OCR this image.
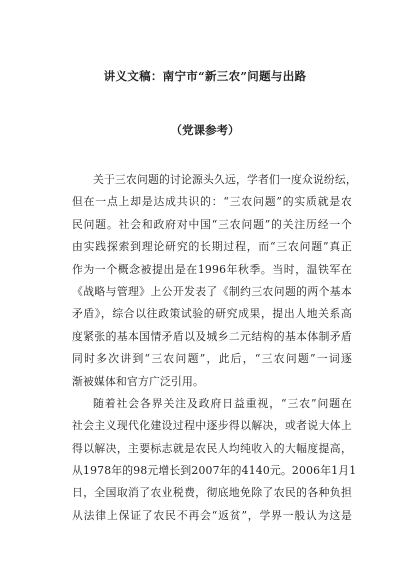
讲义文稿：南宁市“新三农”问题与出路
（党课参考）
关于三农问题的讨论源头久远，学者们一度众说纷纭，
但在一点上却是达成共识的：“三农问题”的实质就是农
民问题。社会和政府对中国“三农问题”的关注历经一个
由实践探索到理论研究的长期过程，而“三农问题”真正
作为一个概念被提出是在1996年秋季。当时，温铁军在
《战略与管理》上公开发表了《制约三农问题的两个基本
矛盾》，综合以往政策试验的研究成果，提出人地关系高
度紧张的基本国情矛盾以及城乡二元结构的基本体制矛盾
同时多次讲到“三农问题”，此后，“三农问题”一词逐
渐被媒体和官方广泛引用。
随着社会各界关注及政府日益重视，“三农”问题在
社会主义现代化建设过程中逐步得以解决，或者说大体上
得以解决，主要标志就是农民人均纯收入的大幅度提高，
从1978年的98元增长到2007年的4140元。2006年1月1
日，全国取消了农业税费，彻底地免除了农民的各种负担
从法律上保证了农民不再会“返贫”，学界一般认为这是
